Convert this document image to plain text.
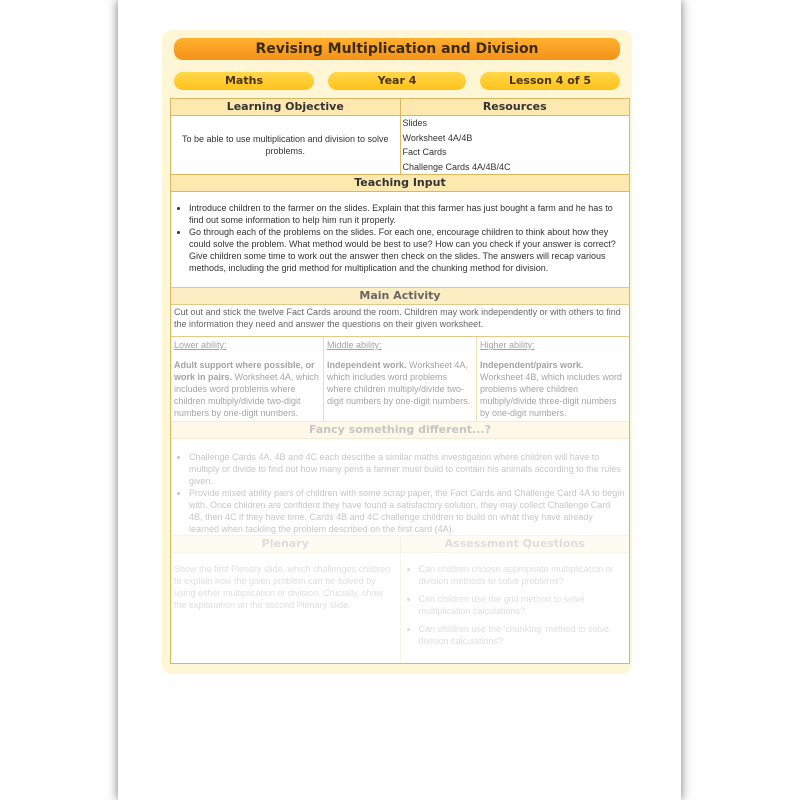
Revising Multiplication and Division
Maths	Year 4	Lesson 4 of 5
Learning Objective
To be able to use multiplication and division to solve problems.
Resources
Slides
Worksheet 4A/4B
Fact Cards
Challenge Cards 4A/4B/4C
Teaching Input
• Introduce children to the farmer on the slides. Explain that this farmer has just bought a farm and he has to find out some information to help him run it properly.
• Go through each of the problems on the slides. For each one, encourage children to think about how they could solve the problem. What method would be best to use? How can you check if your answer is correct? Give children some time to work out the answer then check on the slides. The answers will recap various methods, including the grid method for multiplication and the chunking method for division.
Main Activity
Cut out and stick the twelve Fact Cards around the room. Children may work independently or with others to find the information they need and answer the questions on their given worksheet.
Lower ability:
Adult support where possible, or work in pairs. Worksheet 4A, which includes word problems where children multiply/divide two-digit numbers by one-digit numbers.
Middle ability:
Independent work. Worksheet 4A, which includes word problems where children multiply/divide two-digit numbers by one-digit numbers.
Higher ability:
Independent/pairs work. Worksheet 4B, which includes word problems where children multiply/divide three-digit numbers by one-digit numbers.
Fancy something different...?
• Challenge Cards 4A, 4B and 4C each describe a similar maths investigation where children will have to multiply or divide to find out how many pens a farmer must build to contain his animals according to the rules given.
• Provide mixed ability pairs of children with some scrap paper, the Fact Cards and Challenge Card 4A to begin with. Once children are confident they have found a satisfactory solution, they may collect Challenge Card 4B, then 4C if they have time. Cards 4B and 4C challenge children to build on what they have already learned when tackling the problem described on the first card (4A).
Plenary
Show the first Plenary slide, which challenges children to explain how the given problem can be solved by using either multiplication or division. Crucially, show the explanation on the second Plenary slide.
Assessment Questions
• Can children choose appropriate multiplication or division methods to solve problems?
• Can children use the grid method to solve multiplication calculations?
• Can children use the 'chunking' method to solve division calculations?
